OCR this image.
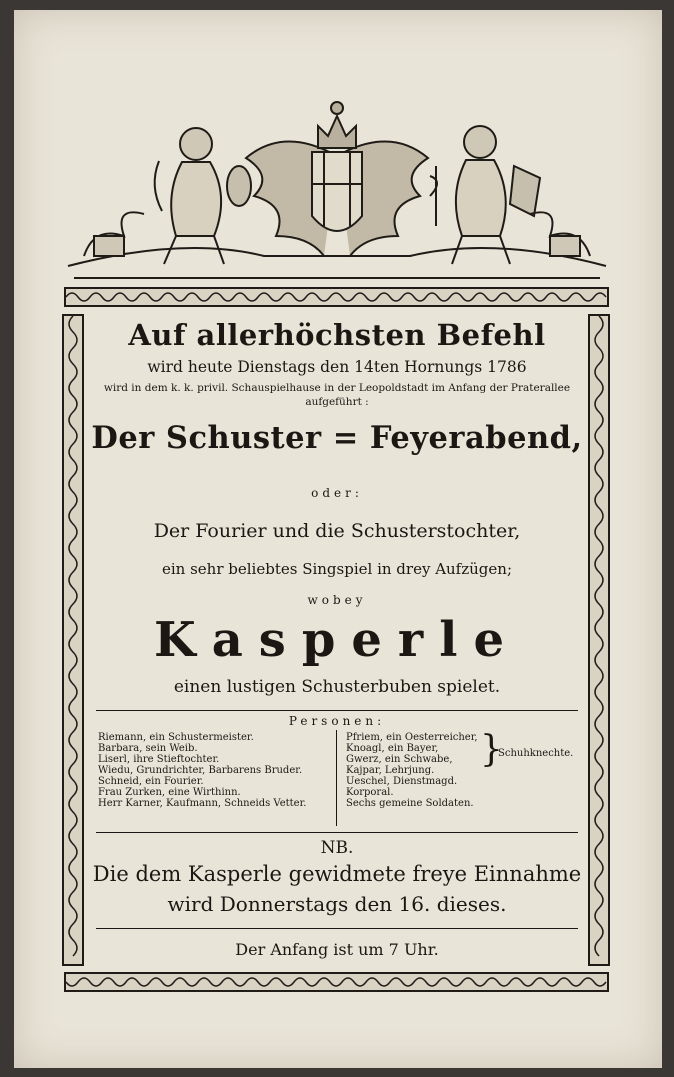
Auf allerhöchsten Befehl
wird heute Dienstags den 14ten Hornungs 1786
wird in dem k. k. privil. Schauspielhause in der Leopoldstadt im Anfang der Praterallee
aufgeführt :
Der Schuster = Feyerabend,
oder:
Der Fourier und die Schusterstochter,
ein sehr beliebtes Singspiel in drey Aufzügen;
wobey
Kasperle
einen lustigen Schusterbuben spielet.
Personen:
Riemann, ein Schustermeister.
Barbara, sein Weib.
Liserl, ihre Stieftochter.
Wiedu, Grundrichter, Barbarens Bruder.
Schneid, ein Fourier.
Frau Zurken, eine Wirthinn.
Herr Karner, Kaufmann, Schneids Vetter.
Pfriem, ein Oesterreicher,
Knoagl, ein Bayer,
Gwerz, ein Schwabe,
Kajpar, Lehrjung.
Ueschel, Dienstmagd.
Korporal.
Sechs gemeine Soldaten.
}
Schuhknechte.
NB.
Die dem Kasperle gewidmete freye Einnahme
wird Donnerstags den 16. dieses.
Der Anfang ist um 7 Uhr.
